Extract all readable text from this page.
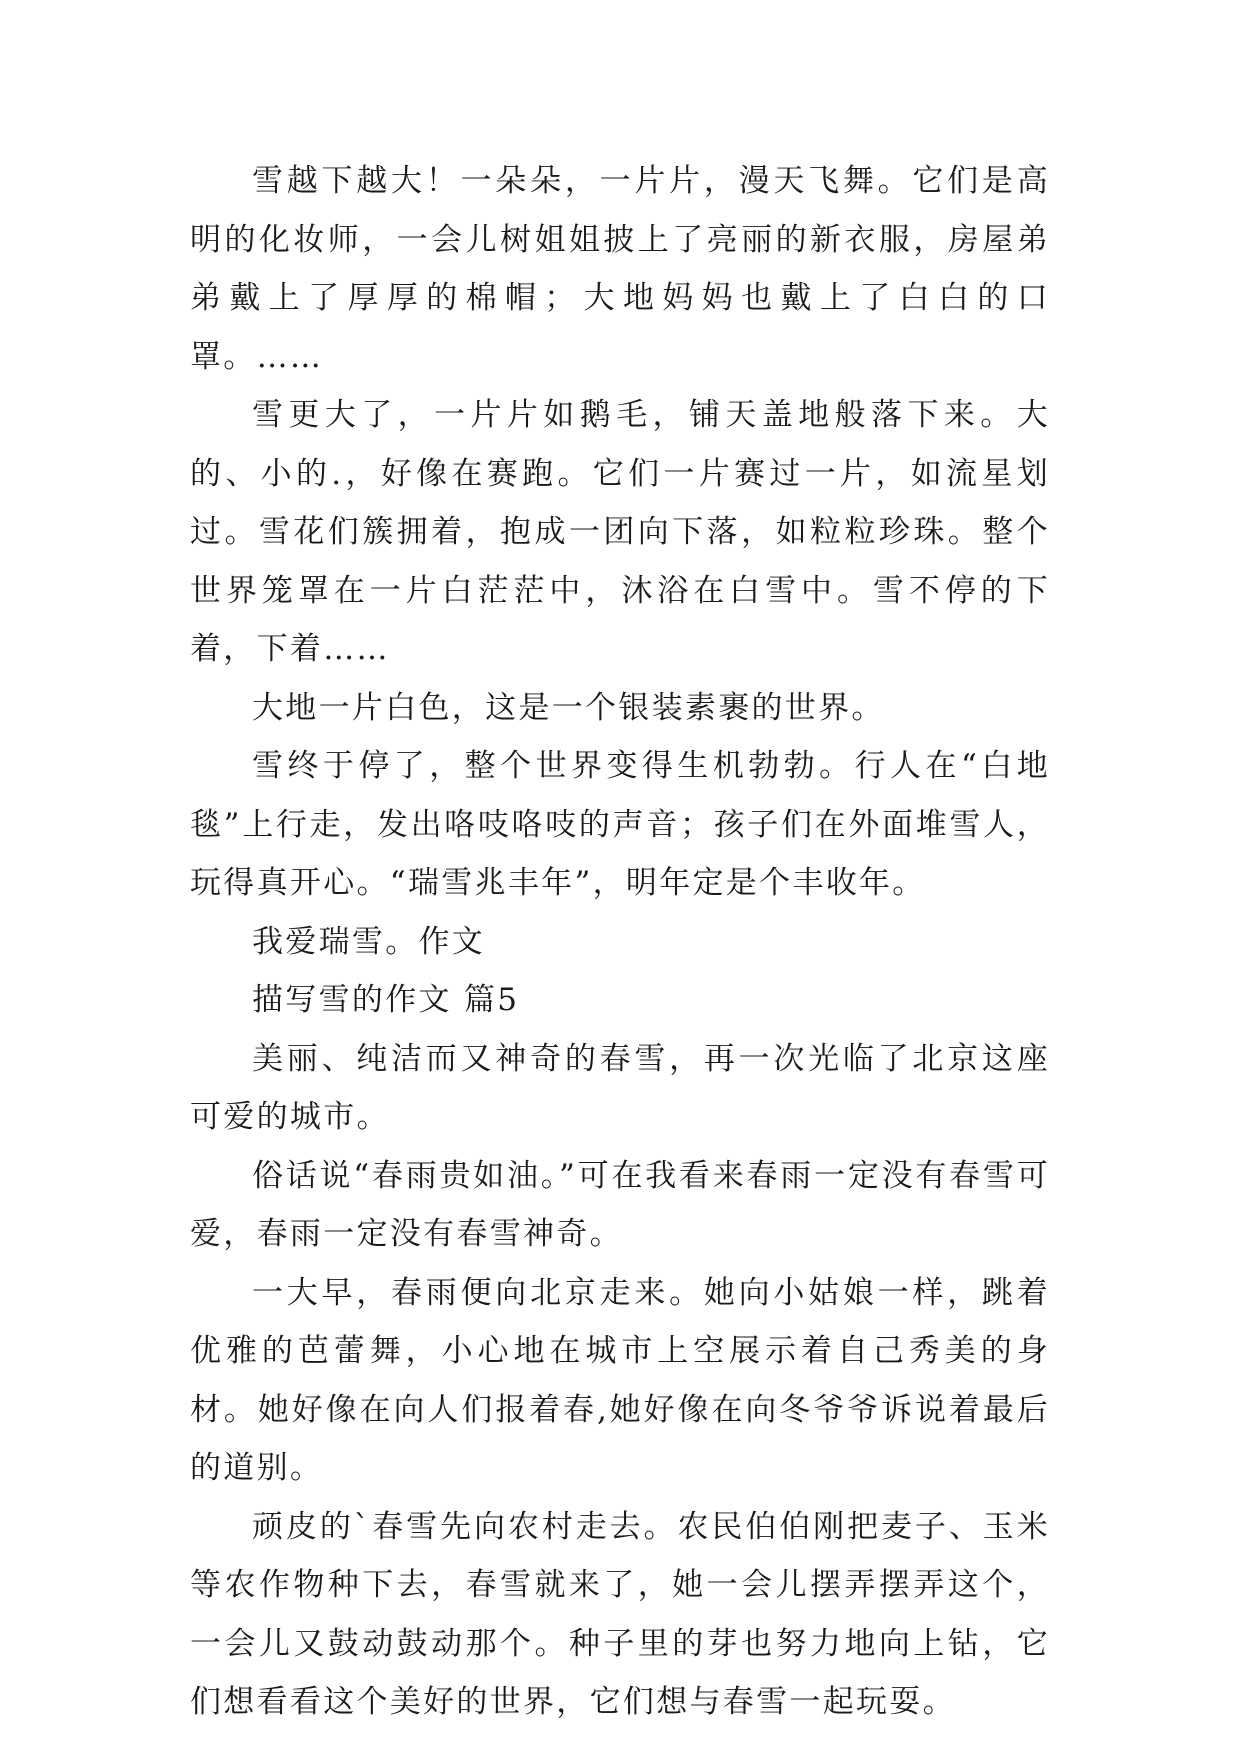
雪越下越大！一朵朵，一片片，漫天飞舞。它们是高明的化妆师，一会儿树姐姐披上了亮丽的新衣服，房屋弟弟戴上了厚厚的棉帽；大地妈妈也戴上了白白的口罩。……

雪更大了，一片片如鹅毛，铺天盖地般落下来。大的、小的.，好像在赛跑。它们一片赛过一片，如流星划过。雪花们簇拥着，抱成一团向下落，如粒粒珍珠。整个世界笼罩在一片白茫茫中，沐浴在白雪中。雪不停的下着，下着……

大地一片白色，这是一个银装素裹的世界。

雪终于停了，整个世界变得生机勃勃。行人在“白地毯”上行走，发出咯吱咯吱的声音；孩子们在外面堆雪人，玩得真开心。“瑞雪兆丰年”，明年定是个丰收年。

我爱瑞雪。作文

描写雪的作文 篇5

美丽、纯洁而又神奇的春雪，再一次光临了北京这座可爱的城市。

俗话说“春雨贵如油。”可在我看来春雨一定没有春雪可爱，春雨一定没有春雪神奇。

一大早，春雨便向北京走来。她向小姑娘一样，跳着优雅的芭蕾舞，小心地在城市上空展示着自己秀美的身材。她好像在向人们报着春,她好像在向冬爷爷诉说着最后的道别。

顽皮的`春雪先向农村走去。农民伯伯刚把麦子、玉米等农作物种下去，春雪就来了，她一会儿摆弄摆弄这个，一会儿又鼓动鼓动那个。种子里的芽也努力地向上钻，它们想看看这个美好的世界，它们想与春雪一起玩耍。
